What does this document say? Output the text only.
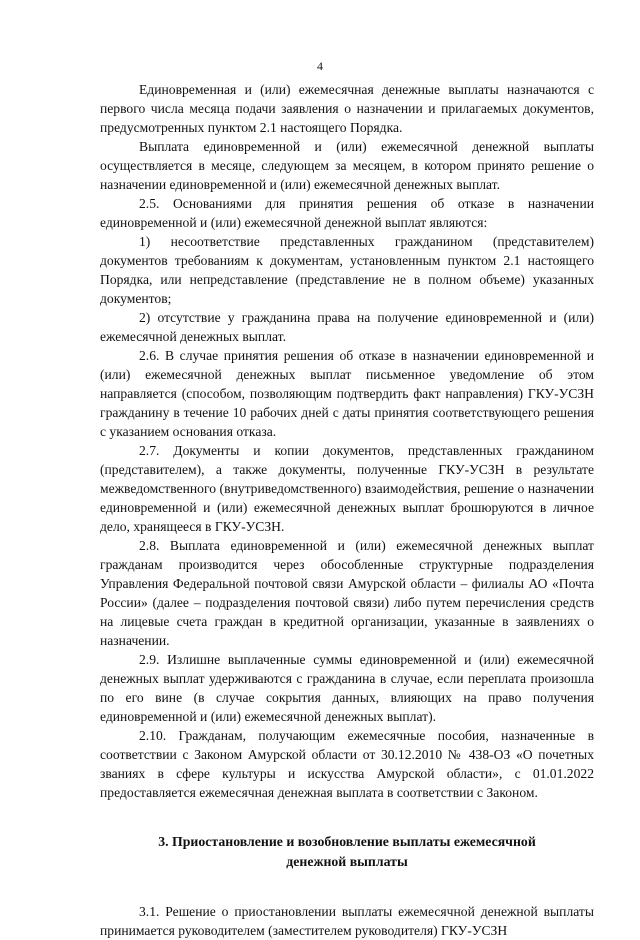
4

Единовременная и (или) ежемесячная денежные выплаты назначаются с первого числа месяца подачи заявления о назначении и прилагаемых документов, предусмотренных пунктом 2.1 настоящего Порядка.

Выплата единовременной и (или) ежемесячной денежной выплаты осуществляется в месяце, следующем за месяцем, в котором принято решение о назначении единовременной и (или) ежемесячной денежных выплат.

2.5. Основаниями для принятия решения об отказе в назначении единовременной и (или) ежемесячной денежной выплат являются:

1) несоответствие представленных гражданином (представителем) документов требованиям к документам, установленным пунктом 2.1 настоящего Порядка, или непредставление (представление не в полном объеме) указанных документов;

2) отсутствие у гражданина права на получение единовременной и (или) ежемесячной денежных выплат.

2.6. В случае принятия решения об отказе в назначении единовременной и (или) ежемесячной денежных выплат письменное уведомление об этом направляется (способом, позволяющим подтвердить факт направления) ГКУ-УСЗН гражданину в течение 10 рабочих дней с даты принятия соответствующего решения с указанием основания отказа.

2.7. Документы и копии документов, представленных гражданином (представителем), а также документы, полученные ГКУ-УСЗН в результате межведомственного (внутриведомственного) взаимодействия, решение о назначении единовременной и (или) ежемесячной денежных выплат брошюруются в личное дело, хранящееся в ГКУ-УСЗН.

2.8. Выплата единовременной и (или) ежемесячной денежных выплат гражданам производится через обособленные структурные подразделения Управления Федеральной почтовой связи Амурской области – филиалы АО «Почта России» (далее – подразделения почтовой связи) либо путем перечисления средств на лицевые счета граждан в кредитной организации, указанные в заявлениях о назначении.

2.9. Излишне выплаченные суммы единовременной и (или) ежемесячной денежных выплат удерживаются с гражданина в случае, если переплата произошла по его вине (в случае сокрытия данных, влияющих на право получения единовременной и (или) ежемесячной денежных выплат).

2.10. Гражданам, получающим ежемесячные пособия, назначенные в соответствии с Законом Амурской области от 30.12.2010 № 438-ОЗ «О почетных званиях в сфере культуры и искусства Амурской области», с 01.01.2022 предоставляется ежемесячная денежная выплата в соответствии с Законом.

3. Приостановление и возобновление выплаты ежемесячной
денежной выплаты

3.1. Решение о приостановлении выплаты ежемесячной денежной выплаты принимается руководителем (заместителем руководителя) ГКУ-УСЗН
